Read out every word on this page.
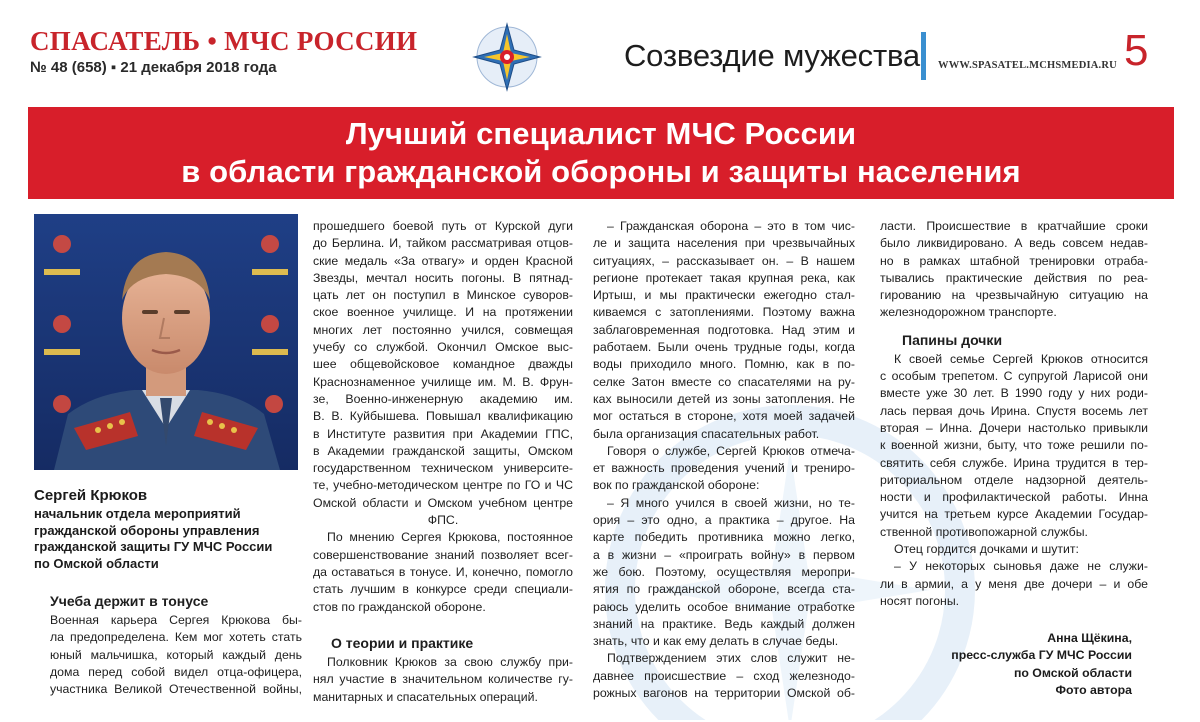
СПАСАТЕЛЬ • МЧС РОССИИ
№ 48 (658) ▪ 21 декабря 2018 года	Созвездие мужества WWW.SPASATEL.MCHSMEDIA.RU 5
Лучший специалист МЧС России
в области гражданской обороны и защиты населения
Сергей Крюков
начальник отдела мероприятий
гражданской обороны управления
гражданской защиты ГУ МЧС России
по Омской области
Учеба держит в тонусе
Военная карьера Сергея Крюкова бы-
ла предопределена. Кем мог хотеть стать
юный мальчишка, который каждый день
дома перед собой видел отца-офицера,
участника Великой Отечественной войны,
прошедшего боевой путь от Курской дуги
до Берлина. И, тайком рассматривая отцов-
ские медаль «За отвагу» и орден Красной
Звезды, мечтал носить погоны. В пятнад-
цать лет он поступил в Минское суворов-
ское военное училище. И на протяжении
многих лет постоянно учился, совмещая
учебу со службой. Окончил Омское выс-
шее общевойсковое командное дважды
Краснознаменное училище им. М. В. Фрун-
зе, Военно-инженерную академию им.
В. В. Куйбышева. Повышал квалификацию
в Институте развития при Академии ГПС,
в Академии гражданской защиты, Омском
государственном техническом университе-
те, учебно-методическом центре по ГО и ЧС
Омской области и Омском учебном центре
ФПС.
По мнению Сергея Крюкова, постоянное
совершенствование знаний позволяет всег-
да оставаться в тонусе. И, конечно, помогло
стать лучшим в конкурсе среди специали-
стов по гражданской обороне.
О теории и практике
Полковник Крюков за свою службу при-
нял участие в значительном количестве гу-
манитарных и спасательных операций.
– Гражданская оборона – это в том чис-
ле и защита населения при чрезвычайных
ситуациях, – рассказывает он. – В нашем
регионе протекает такая крупная река, как
Иртыш, и мы практически ежегодно стал-
киваемся с затоплениями. Поэтому важна
заблаговременная подготовка. Над этим и
работаем. Были очень трудные годы, когда
воды приходило много. Помню, как в по-
селке Затон вместе со спасателями на ру-
ках выносили детей из зоны затопления. Не
мог остаться в стороне, хотя моей задачей
была организация спасательных работ.
Говоря о службе, Сергей Крюков отмеча-
ет важность проведения учений и трениро-
вок по гражданской обороне:
– Я много учился в своей жизни, но те-
ория – это одно, а практика – другое. На
карте победить противника можно легко,
а в жизни – «проиграть войну» в первом
же бою. Поэтому, осуществляя меропри-
ятия по гражданской обороне, всегда ста-
раюсь уделить особое внимание отработке
знаний на практике. Ведь каждый должен
знать, что и как ему делать в случае беды.
Подтверждением этих слов служит не-
давнее происшествие – сход железнодо-
рожных вагонов на территории Омской об-
ласти. Происшествие в кратчайшие сроки
было ликвидировано. А ведь совсем недав-
но в рамках штабной тренировки отраба-
тывались практические действия по реа-
гированию на чрезвычайную ситуацию на
железнодорожном транспорте.
Папины дочки
К своей семье Сергей Крюков относится
с особым трепетом. С супругой Ларисой они
вместе уже 30 лет. В 1990 году у них роди-
лась первая дочь Ирина. Спустя восемь лет
вторая – Инна. Дочери настолько привыкли
к военной жизни, быту, что тоже решили по-
святить себя службе. Ирина трудится в тер-
риториальном отделе надзорной деятель-
ности и профилактической работы. Инна
учится на третьем курсе Академии Государ-
ственной противопожарной службы.
Отец гордится дочками и шутит:
– У некоторых сыновья даже не служи-
ли в армии, а у меня две дочери – и обе
носят погоны.
Анна Щёкина,
пресс-служба ГУ МЧС России
по Омской области
Фото автора
